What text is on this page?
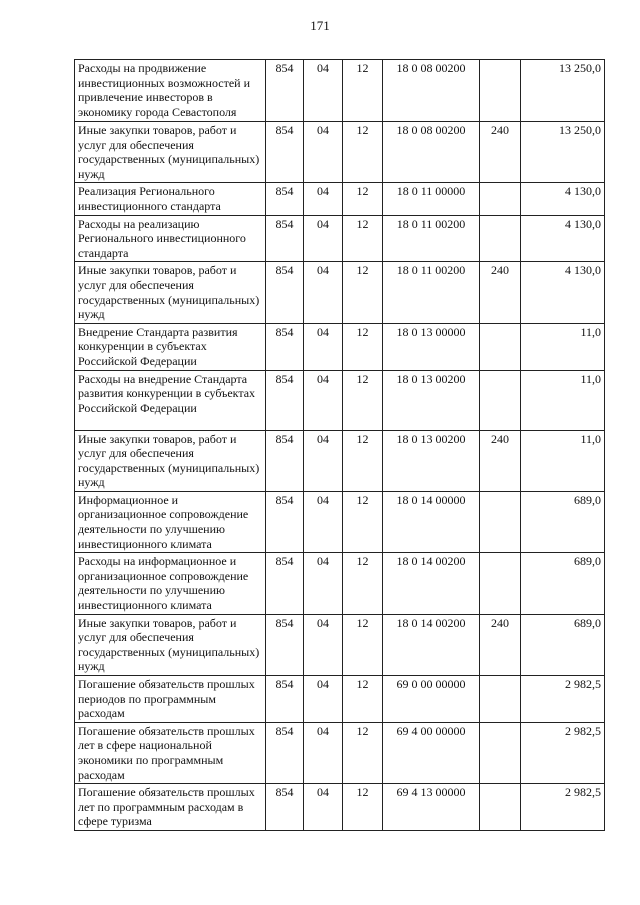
171
Расходы на продвижение инвестиционных возможностей и привлечение инвесторов в экономику города Севастополя	854	04	12	18 0 08 00200		13 250,0
Иные закупки товаров, работ и услуг для обеспечения государственных (муниципальных) нужд	854	04	12	18 0 08 00200	240	13 250,0
Реализация Регионального инвестиционного стандарта	854	04	12	18 0 11 00000		4 130,0
Расходы на реализацию Регионального инвестиционного стандарта	854	04	12	18 0 11 00200		4 130,0
Иные закупки товаров, работ и услуг для обеспечения государственных (муниципальных) нужд	854	04	12	18 0 11 00200	240	4 130,0
Внедрение Стандарта развития конкуренции в субъектах Российской Федерации	854	04	12	18 0 13 00000		11,0
Расходы на внедрение Стандарта развития конкуренции в субъектах Российской Федерации	854	04	12	18 0 13 00200		11,0
Иные закупки товаров, работ и услуг для обеспечения государственных (муниципальных) нужд	854	04	12	18 0 13 00200	240	11,0
Информационное и организационное сопровождение деятельности по улучшению инвестиционного климата	854	04	12	18 0 14 00000		689,0
Расходы на информационное и организационное сопровождение деятельности по улучшению инвестиционного климата	854	04	12	18 0 14 00200		689,0
Иные закупки товаров, работ и услуг для обеспечения государственных (муниципальных) нужд	854	04	12	18 0 14 00200	240	689,0
Погашение обязательств прошлых периодов по программным расходам	854	04	12	69 0 00 00000		2 982,5
Погашение обязательств прошлых лет в сфере национальной экономики по программным расходам	854	04	12	69 4 00 00000		2 982,5
Погашение обязательств прошлых лет по программным расходам в сфере туризма	854	04	12	69 4 13 00000		2 982,5
